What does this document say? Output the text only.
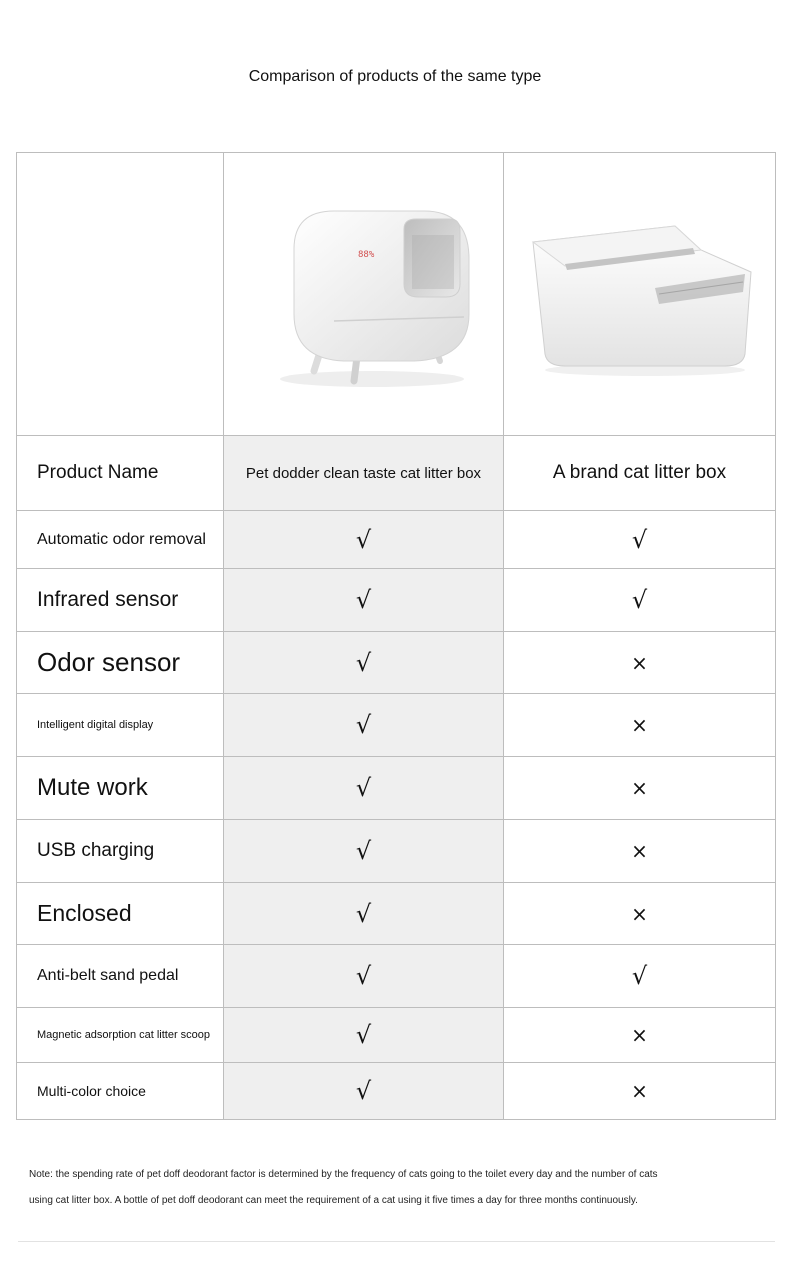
Comparison of products of the same type

88%

Product Name	Pet dodder clean taste cat litter box	A brand cat litter box
Automatic odor removal	√	√
Infrared sensor	√	√
Odor sensor	√	×
Intelligent digital display	√	×
Mute work	√	×
USB charging	√	×
Enclosed	√	×
Anti-belt sand pedal	√	√
Magnetic adsorption cat litter scoop	√	×
Multi-color choice	√	×
Note: the spending rate of pet doff deodorant factor is determined by the frequency of cats going to the toilet every day and the number of cats
using cat litter box. A bottle of pet doff deodorant can meet the requirement of a cat using it five times a day for three months continuously.
